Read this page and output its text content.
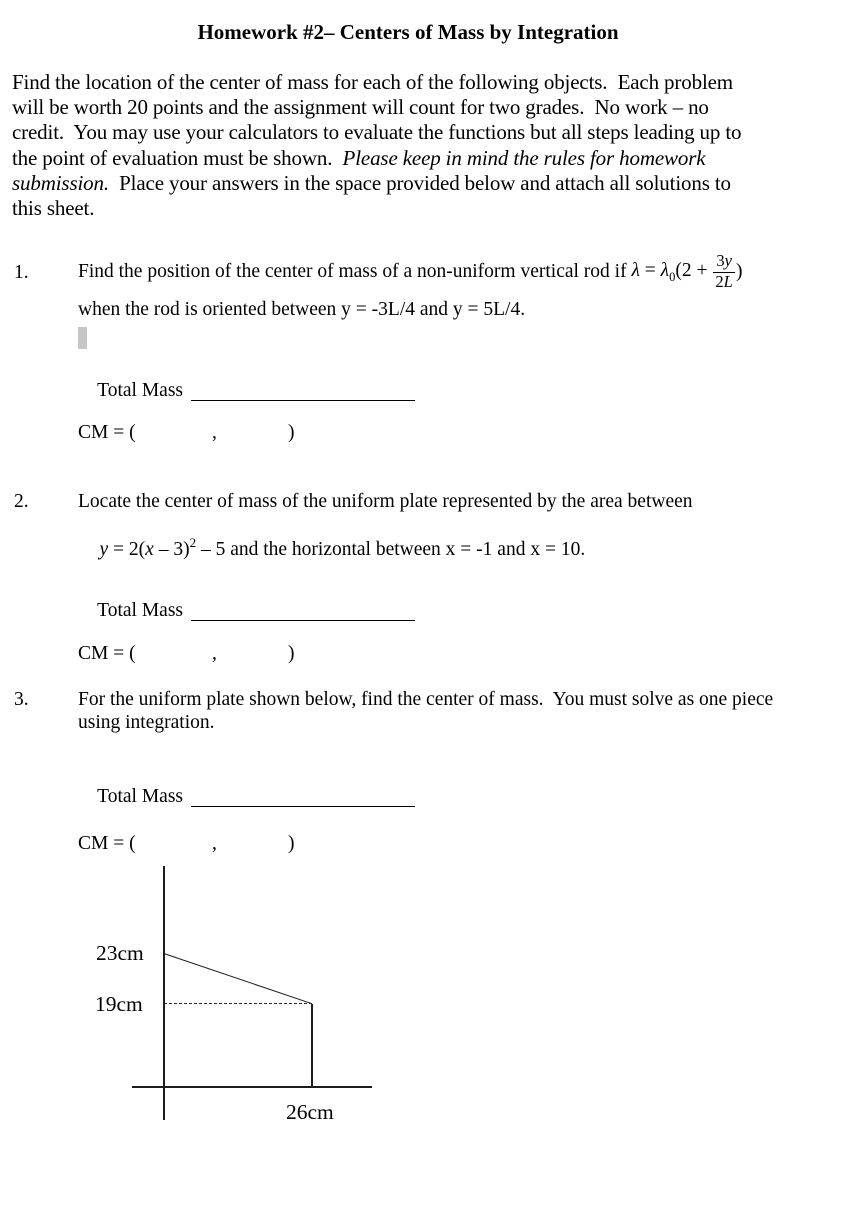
Homework #2– Centers of Mass by Integration
Find the location of the center of mass for each of the following objects.  Each problem
will be worth 20 points and the assignment will count for two grades.  No work – no
credit.  You may use your calculators to evaluate the functions but all steps leading up to
the point of evaluation must be shown.  Please keep in mind the rules for homework
submission.  Place your answers in the space provided below and attach all solutions to
this sheet.
1.	Find the position of the center of mass of a non-uniform vertical rod if $\lambda = \lambda_0(2 + \frac{3y}{2L}$ )
when the rod is oriented between y = -3L/4 and y = 5L/4.

Total Mass

CM = (	,	)
2.	Locate the center of mass of the uniform plate represented by the area between

y = 2(x – 3)$^2$ – 5 and the horizontal between x = -1 and x = 10.

Total Mass

CM = (	,	)
3.	For the uniform plate shown below, find the center of mass.  You must solve as one piece
using integration.

Total Mass

CM = (	,	)
23cm
19cm
26cm
